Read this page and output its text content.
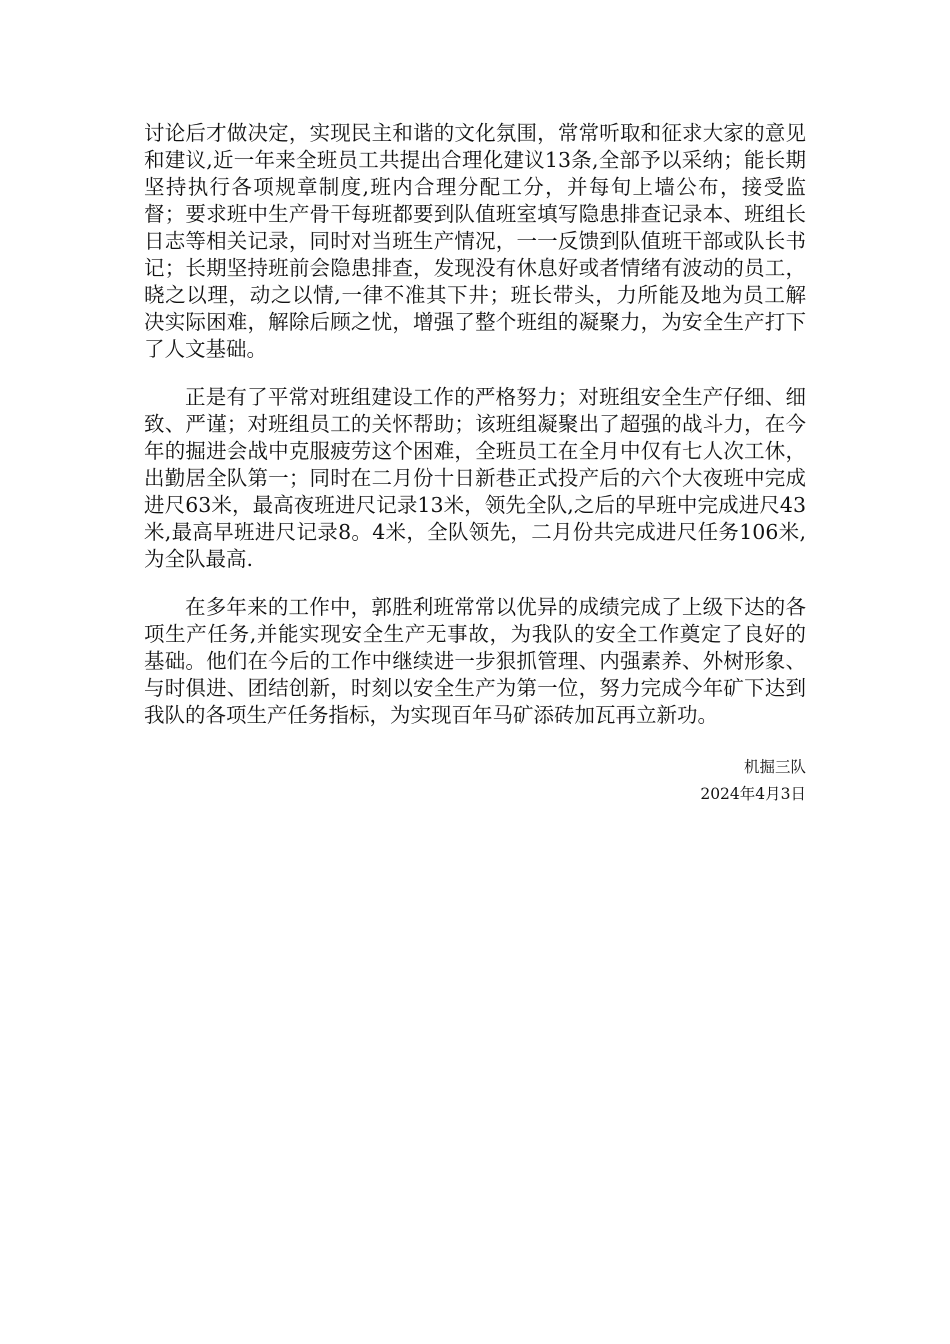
讨论后才做决定，实现民主和谐的文化氛围，常常听取和征求大家的意见和建议,近一年来全班员工共提出合理化建议13条,全部予以采纳；能长期坚持执行各项规章制度,班内合理分配工分，并每旬上墙公布，接受监督；要求班中生产骨干每班都要到队值班室填写隐患排查记录本、班组长日志等相关记录，同时对当班生产情况，一一反馈到队值班干部或队长书记；长期坚持班前会隐患排查，发现没有休息好或者情绪有波动的员工，晓之以理，动之以情,一律不准其下井；班长带头，力所能及地为员工解决实际困难，解除后顾之忧，增强了整个班组的凝聚力，为安全生产打下了人文基础。

正是有了平常对班组建设工作的严格努力；对班组安全生产仔细、细致、严谨；对班组员工的关怀帮助；该班组凝聚出了超强的战斗力，在今年的掘进会战中克服疲劳这个困难，全班员工在全月中仅有七人次工休，出勤居全队第一；同时在二月份十日新巷正式投产后的六个大夜班中完成进尺63米，最高夜班进尺记录13米，领先全队,之后的早班中完成进尺43米,最高早班进尺记录8。4米，全队领先，二月份共完成进尺任务106米,为全队最高.

在多年来的工作中，郭胜利班常常以优异的成绩完成了上级下达的各项生产任务,并能实现安全生产无事故，为我队的安全工作奠定了良好的基础。他们在今后的工作中继续进一步狠抓管理、内强素养、外树形象、与时俱进、团结创新，时刻以安全生产为第一位，努力完成今年矿下达到我队的各项生产任务指标，为实现百年马矿添砖加瓦再立新功。

机掘三队
2024年4月3日
